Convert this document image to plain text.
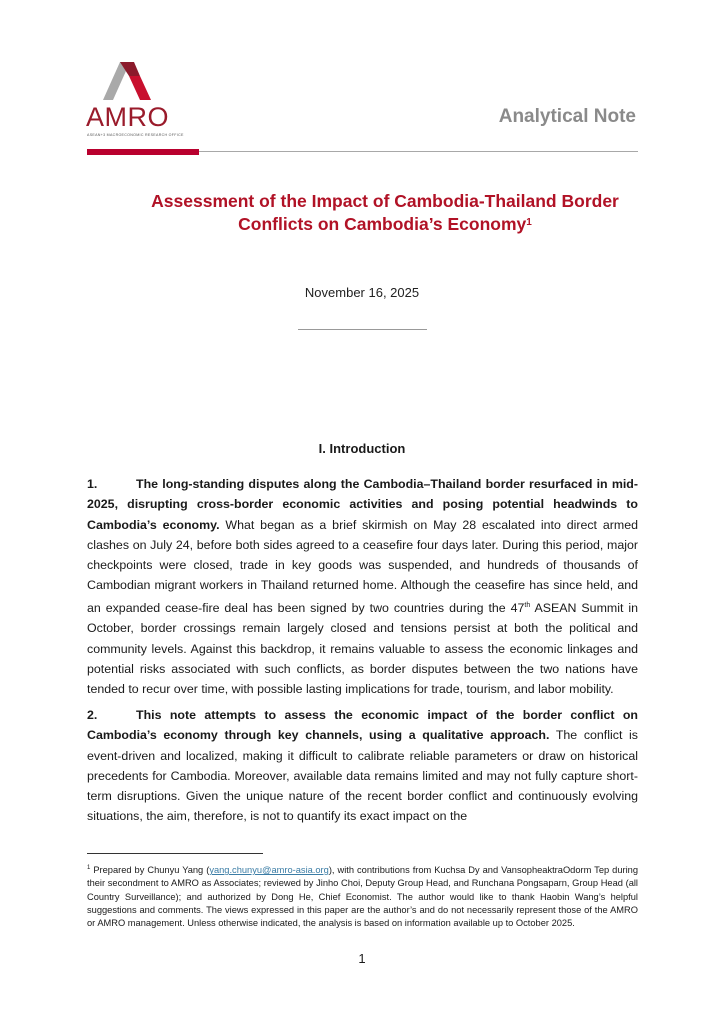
AMRO
ASEAN+3 MACROECONOMIC RESEARCH OFFICE
Analytical Note
Assessment of the Impact of Cambodia-Thailand Border
Conflicts on Cambodia’s Economy$^1$
November 16, 2025
I. Introduction
1.	The long-standing disputes along the Cambodia–Thailand border resurfaced in mid-2025, disrupting cross-border economic activities and posing potential headwinds to Cambodia’s economy. What began as a brief skirmish on May 28 escalated into direct armed clashes on July 24, before both sides agreed to a ceasefire four days later. During this period, major checkpoints were closed, trade in key goods was suspended, and hundreds of thousands of Cambodian migrant workers in Thailand returned home. Although the ceasefire has since held, and an expanded cease-fire deal has been signed by two countries during the 47th ASEAN Summit in October, border crossings remain largely closed and tensions persist at both the political and community levels. Against this backdrop, it remains valuable to assess the economic linkages and potential risks associated with such conflicts, as border disputes between the two nations have tended to recur over time, with possible lasting implications for trade, tourism, and labor mobility.
2.	This note attempts to assess the economic impact of the border conflict on Cambodia’s economy through key channels, using a qualitative approach. The conflict is event-driven and localized, making it difficult to calibrate reliable parameters or draw on historical precedents for Cambodia. Moreover, available data remains limited and may not fully capture short-term disruptions. Given the unique nature of the recent border conflict and continuously evolving situations, the aim, therefore, is not to quantify its exact impact on the
$^1$ Prepared by Chunyu Yang (yang.chunyu@amro-asia.org), with contributions from Kuchsa Dy and VansopheaktraOdorm Tep during their secondment to AMRO as Associates; reviewed by Jinho Choi, Deputy Group Head, and Runchana Pongsaparn, Group Head (all Country Surveillance); and authorized by Dong He, Chief Economist. The author would like to thank Haobin Wang’s helpful suggestions and comments. The views expressed in this paper are the author’s and do not necessarily represent those of the AMRO or AMRO management. Unless otherwise indicated, the analysis is based on information available up to October 2025.
1
